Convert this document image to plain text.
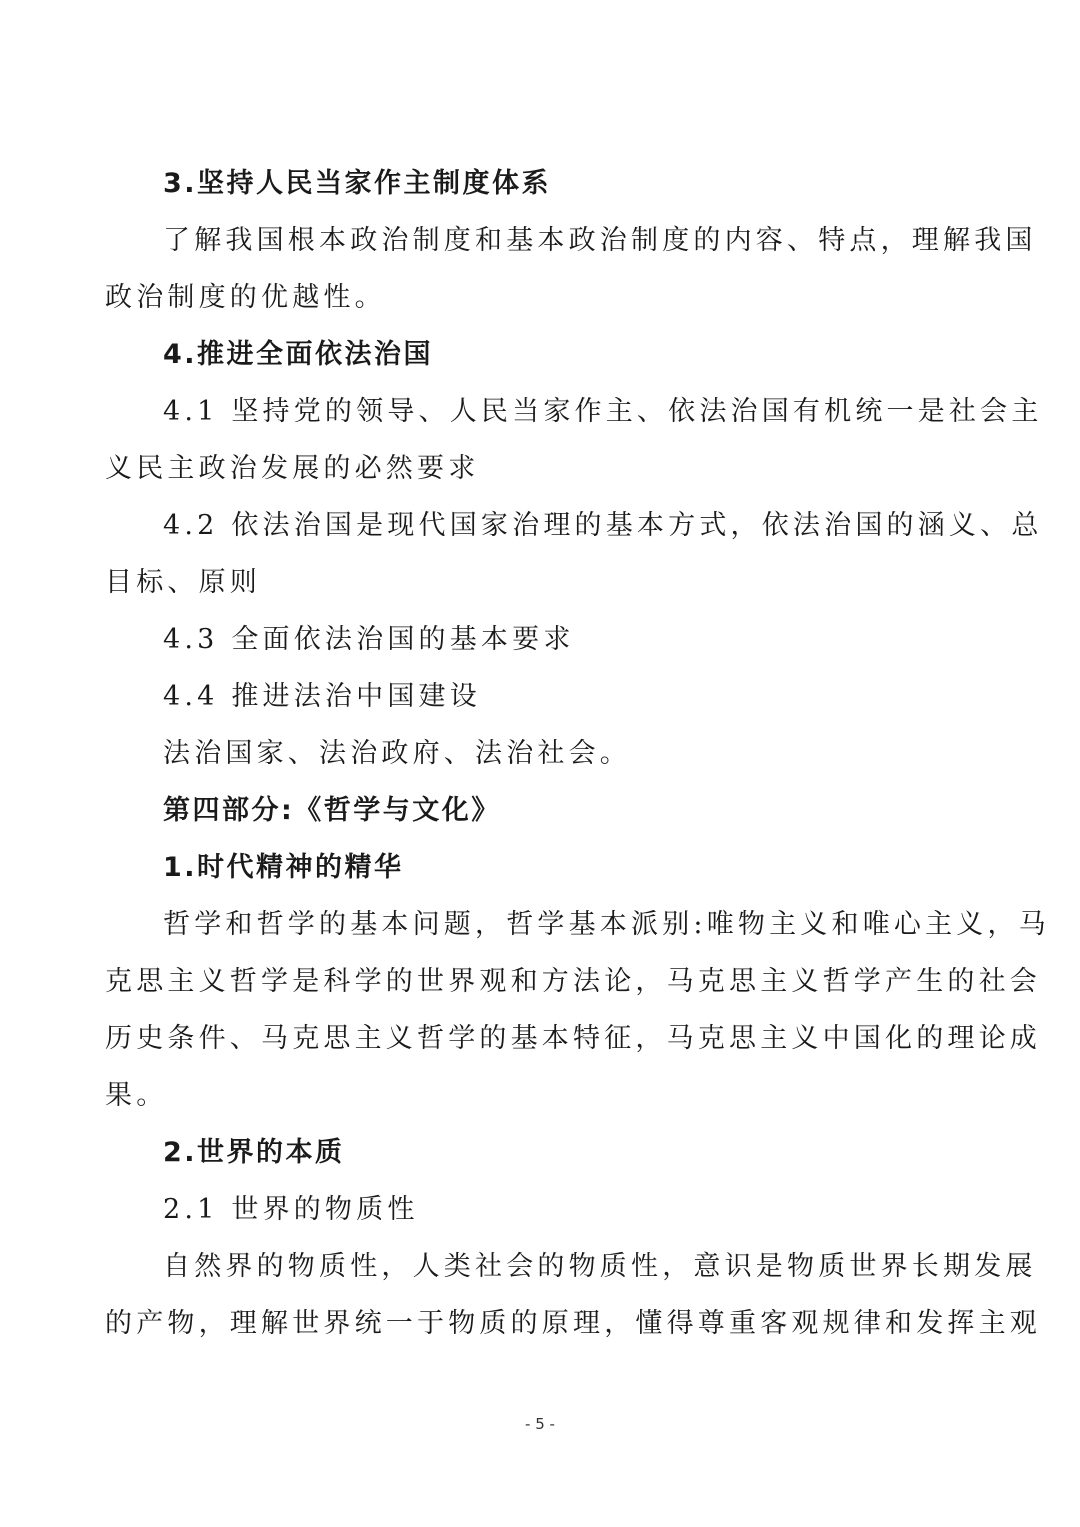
3.坚持人民当家作主制度体系
了解我国根本政治制度和基本政治制度的内容、特点，理解我国
政治制度的优越性。
4.推进全面依法治国
4.1 坚持党的领导、人民当家作主、依法治国有机统一是社会主
义民主政治发展的必然要求
4.2 依法治国是现代国家治理的基本方式，依法治国的涵义、总
目标、原则
4.3 全面依法治国的基本要求
4.4 推进法治中国建设
法治国家、法治政府、法治社会。
第四部分:《哲学与文化》
1.时代精神的精华
哲学和哲学的基本问题，哲学基本派别:唯物主义和唯心主义，马
克思主义哲学是科学的世界观和方法论，马克思主义哲学产生的社会
历史条件、马克思主义哲学的基本特征，马克思主义中国化的理论成
果。
2.世界的本质
2.1 世界的物质性
自然界的物质性，人类社会的物质性，意识是物质世界长期发展
的产物，理解世界统一于物质的原理，懂得尊重客观规律和发挥主观
- 5 -
